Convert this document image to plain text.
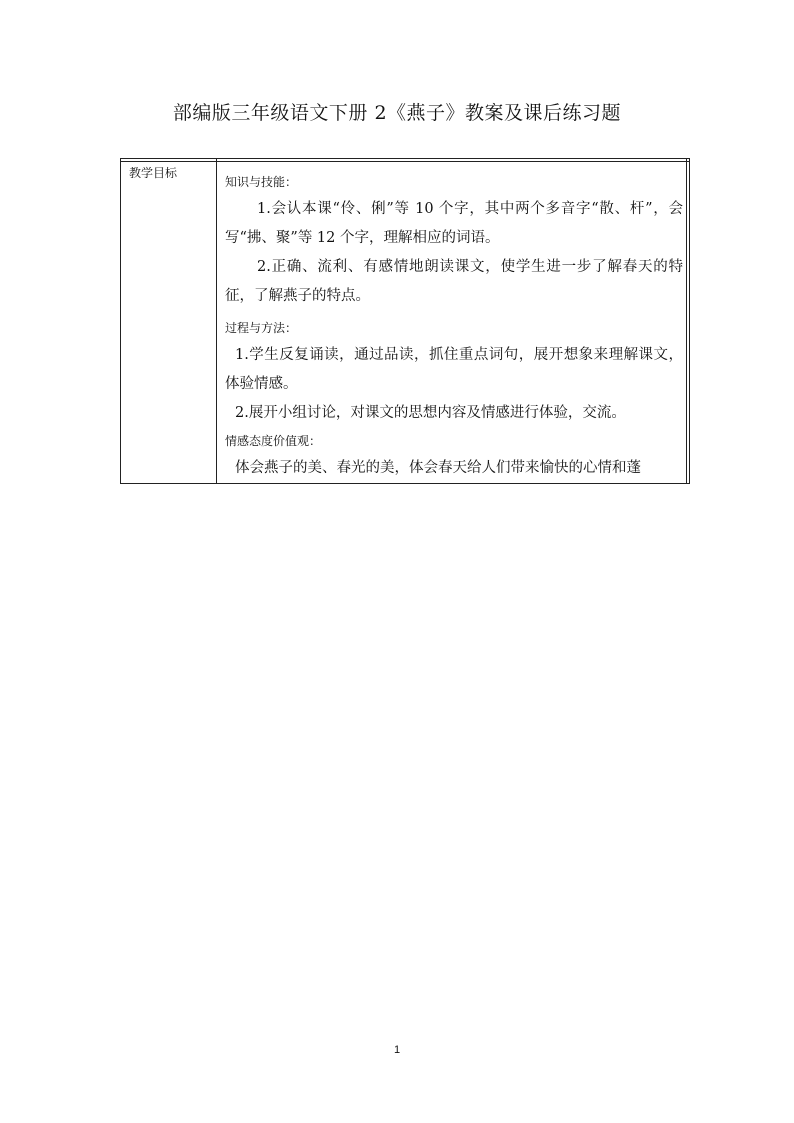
部编版三年级语文下册 2《燕子》教案及课后练习题
教学目标
知识与技能：

1.会认本课“伶、俐”等 10 个字，其中两个多音字“散、杆”，会写“拂、聚”等 12 个字，理解相应的词语。

2.正确、流利、有感情地朗读课文，使学生进一步了解春天的特征，了解燕子的特点。

过程与方法：

1.学生反复诵读，通过品读，抓住重点词句，展开想象来理解课文，体验情感。

2.展开小组讨论，对课文的思想内容及情感进行体验，交流。

情感态度价值观：

体会燕子的美、春光的美，体会春天给人们带来愉快的心情和蓬

1
